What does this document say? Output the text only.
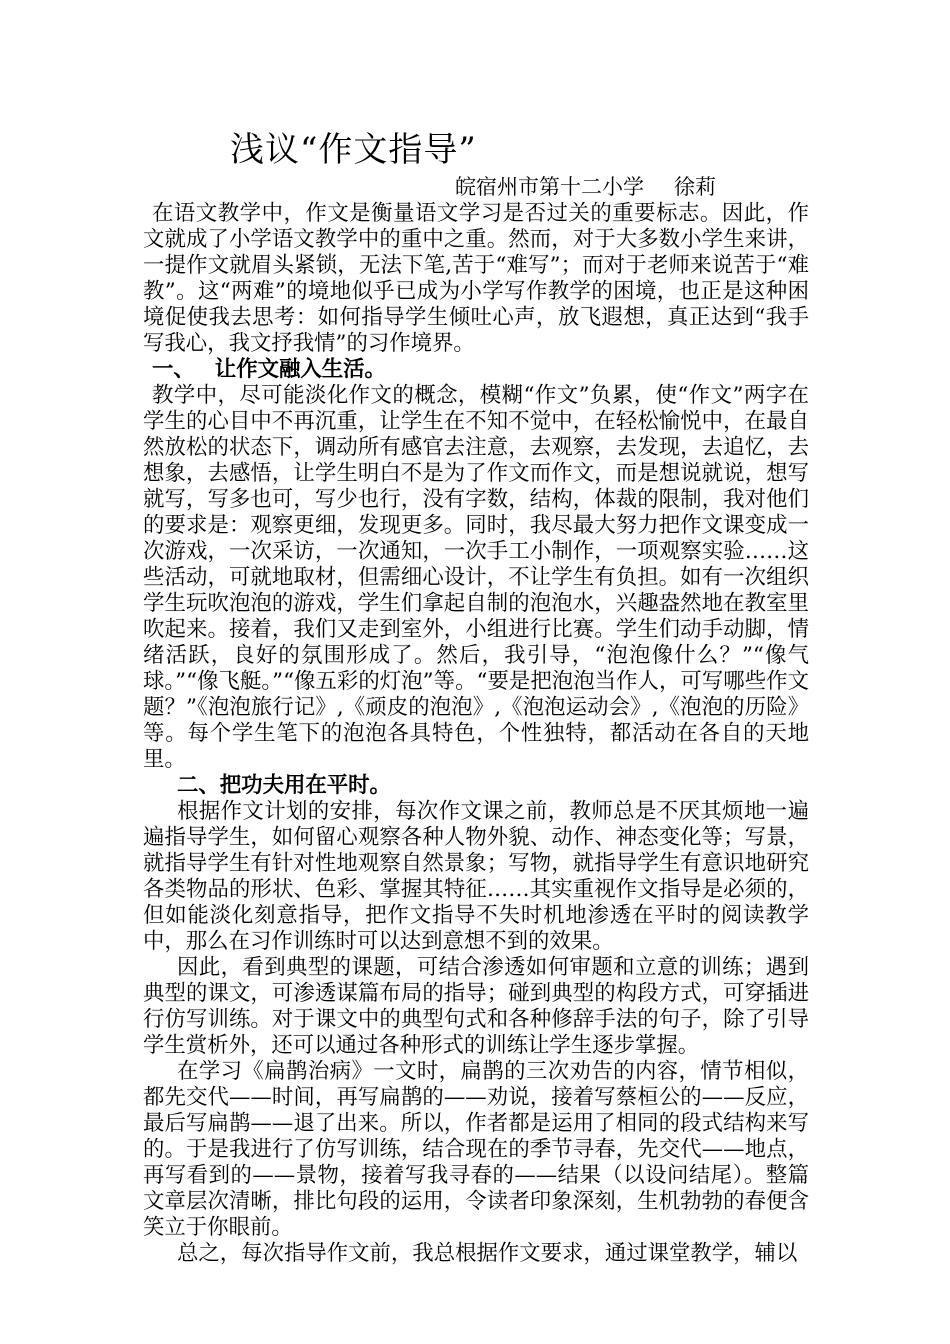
浅议“作文指导”
皖宿州市第十二小学 徐莉

在语文教学中，作文是衡量语文学习是否过关的重要标志。因此，作文就成了小学语文教学中的重中之重。然而，对于大多数小学生来讲，一提作文就眉头紧锁，无法下笔,苦于“难写”；而对于老师来说苦于“难教”。这“两难”的境地似乎已成为小学写作教学的困境，也正是这种困境促使我去思考：如何指导学生倾吐心声，放飞遐想，真正达到“我手写我心，我文抒我情”的习作境界。

一、 让作文融入生活。

教学中，尽可能淡化作文的概念，模糊“作文”负累，使“作文”两字在学生的心目中不再沉重，让学生在不知不觉中，在轻松愉悦中，在最自然放松的状态下，调动所有感官去注意，去观察，去发现，去追忆，去想象，去感悟，让学生明白不是为了作文而作文，而是想说就说，想写就写，写多也可，写少也行，没有字数，结构，体裁的限制，我对他们的要求是：观察更细，发现更多。同时，我尽最大努力把作文课变成一次游戏，一次采访，一次通知，一次手工小制作，一项观察实验……这些活动，可就地取材，但需细心设计，不让学生有负担。如有一次组织学生玩吹泡泡的游戏，学生们拿起自制的泡泡水，兴趣盎然地在教室里吹起来。接着，我们又走到室外，小组进行比赛。学生们动手动脚，情绪活跃，良好的氛围形成了。然后，我引导，“泡泡像什么？”“像气球。”“像飞艇。”“像五彩的灯泡”等。“要是把泡泡当作人，可写哪些作文题？”《泡泡旅行记》,《顽皮的泡泡》,《泡泡运动会》,《泡泡的历险》等。每个学生笔下的泡泡各具特色，个性独特，都活动在各自的天地里。

二、把功夫用在平时。

根据作文计划的安排，每次作文课之前，教师总是不厌其烦地一遍遍指导学生，如何留心观察各种人物外貌、动作、神态变化等；写景，就指导学生有针对性地观察自然景象；写物，就指导学生有意识地研究各类物品的形状、色彩、掌握其特征……其实重视作文指导是必须的，但如能淡化刻意指导，把作文指导不失时机地渗透在平时的阅读教学中，那么在习作训练时可以达到意想不到的效果。

因此，看到典型的课题，可结合渗透如何审题和立意的训练；遇到典型的课文，可渗透谋篇布局的指导；碰到典型的构段方式，可穿插进行仿写训练。对于课文中的典型句式和各种修辞手法的句子，除了引导学生赏析外，还可以通过各种形式的训练让学生逐步掌握。

在学习《扁鹊治病》一文时，扁鹊的三次劝告的内容，情节相似，都先交代——时间，再写扁鹊的——劝说，接着写蔡桓公的——反应，最后写扁鹊——退了出来。所以，作者都是运用了相同的段式结构来写的。于是我进行了仿写训练，结合现在的季节寻春，先交代——地点，再写看到的——景物，接着写我寻春的——结果（以设问结尾）。整篇文章层次清晰，排比句段的运用，令读者印象深刻，生机勃勃的春便含笑立于你眼前。

总之，每次指导作文前，我总根据作文要求，通过课堂教学，辅以
